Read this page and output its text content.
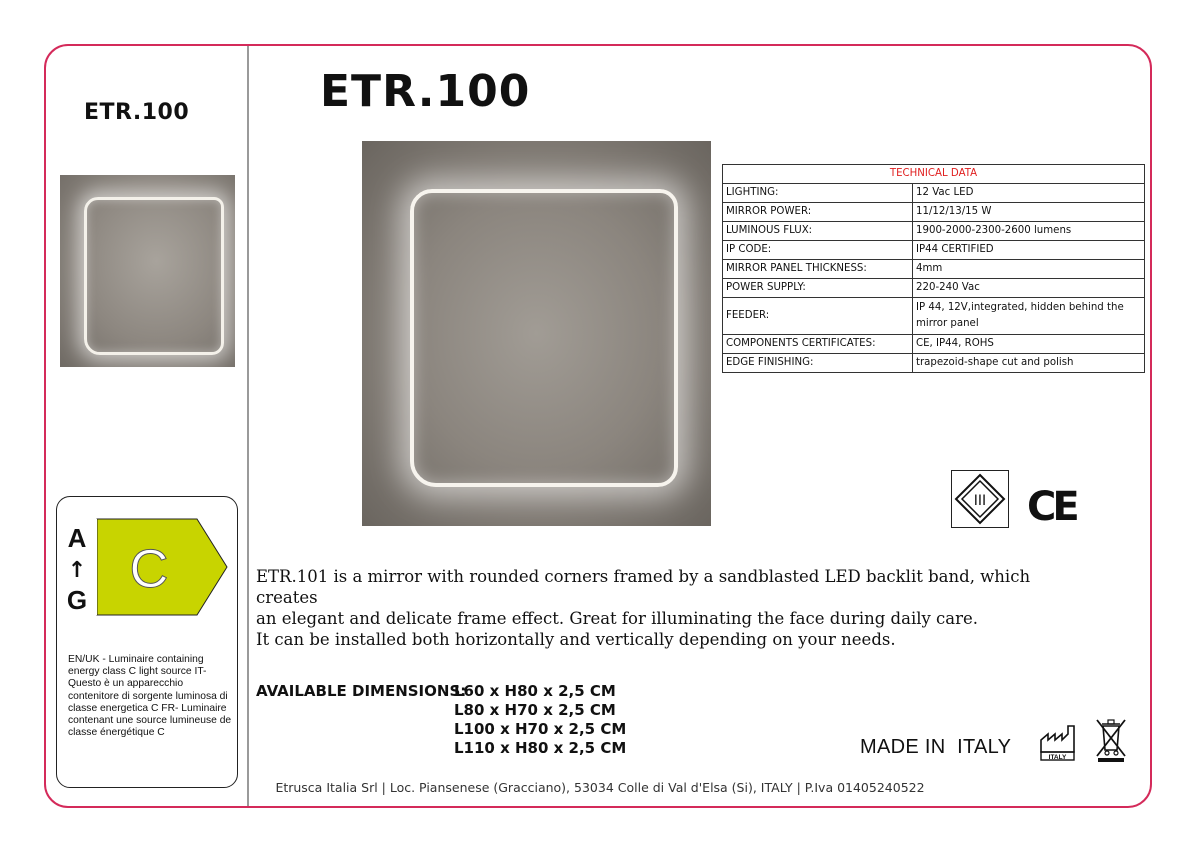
ETR.100
A
↑
G
C
EN/UK - Luminaire containing energy class C light source IT- Questo è un apparecchio contenitore di sorgente luminosa di classe energetica C FR- Luminaire contenant une source lumineuse de classe énergétique C
ETR.100
TECHNICAL DATA	
LIGHTING:	12 Vac LED
MIRROR POWER:	11/12/13/15 W
LUMINOUS FLUX:	1900-2000-2300-2600 lumens
IP CODE:	IP44 CERTIFIED
MIRROR PANEL THICKNESS:	4mm
POWER SUPPLY:	220-240 Vac
FEEDER:	IP 44, 12V,integrated, hidden behind the mirror panel
COMPONENTS CERTIFICATES:	CE, IP44, ROHS
EDGE FINISHING:	trapezoid-shape cut and polish
III CE
ETR.101 is a mirror with rounded corners framed by a sandblasted LED backlit band, which creates
an elegant and delicate frame effect. Great for illuminating the face during daily care.
It can be installed both horizontally and vertically depending on your needs.
AVAILABLE DIMENSIONS:
L60 x H80 x 2,5 CM
L80 x H70 x 2,5 CM
L100 x H70 x 2,5 CM
L110 x H80 x 2,5 CM	MADE IN  ITALY	ITALY
Etrusca Italia Srl | Loc. Piansenese (Gracciano), 53034 Colle di Val d'Elsa (Si), ITALY | P.Iva 01405240522
